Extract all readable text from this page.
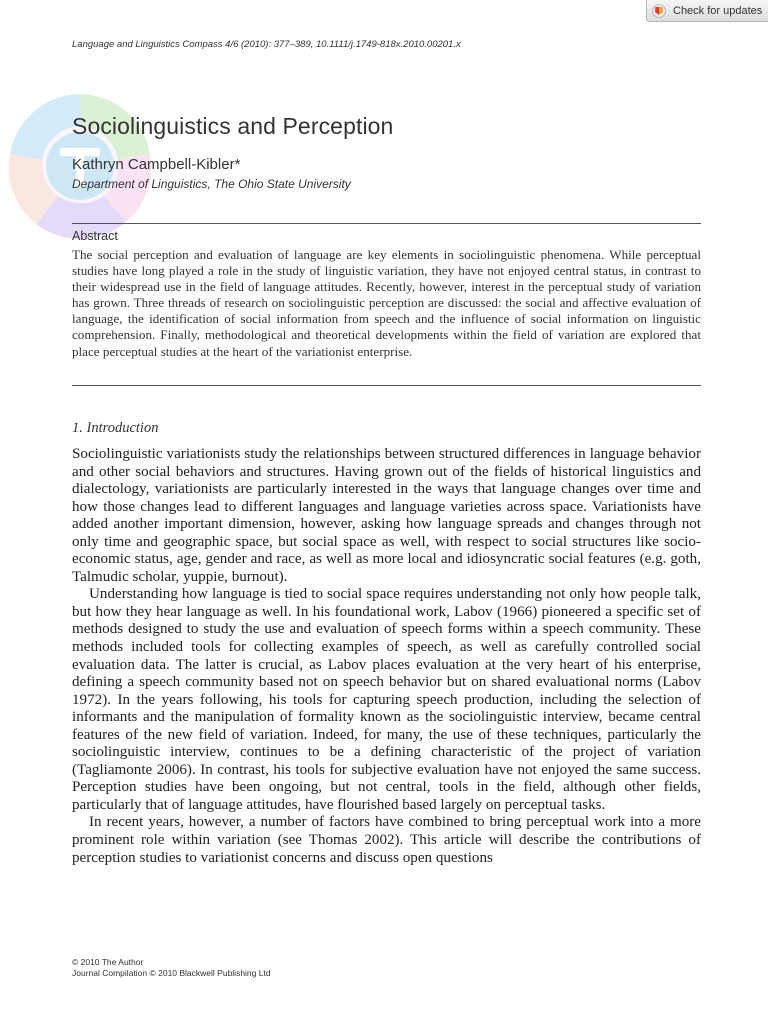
Check for updates
Language and Linguistics Compass 4/6 (2010): 377–389, 10.1111/j.1749-818x.2010.00201.x
Sociolinguistics and Perception
Kathryn Campbell-Kibler*
Department of Linguistics, The Ohio State University
Abstract
The social perception and evaluation of language are key elements in sociolinguistic phenomena. While perceptual studies have long played a role in the study of linguistic variation, they have not enjoyed central status, in contrast to their widespread use in the field of language attitudes. Recently, however, interest in the perceptual study of variation has grown. Three threads of research on sociolinguistic perception are discussed: the social and affective evaluation of language, the identification of social information from speech and the influence of social information on linguistic comprehension. Finally, methodological and theoretical developments within the field of variation are explored that place perceptual studies at the heart of the variationist enterprise.
1. Introduction

Sociolinguistic variationists study the relationships between structured differences in language behavior and other social behaviors and structures. Having grown out of the fields of historical linguistics and dialectology, variationists are particularly interested in the ways that language changes over time and how those changes lead to different languages and language varieties across space. Variationists have added another important dimension, however, asking how language spreads and changes through not only time and geographic space, but social space as well, with respect to social structures like socio-economic status, age, gender and race, as well as more local and idiosyncratic social features (e.g. goth, Talmudic scholar, yuppie, burnout).

Understanding how language is tied to social space requires understanding not only how people talk, but how they hear language as well. In his foundational work, Labov (1966) pioneered a specific set of methods designed to study the use and evaluation of speech forms within a speech community. These methods included tools for collecting examples of speech, as well as carefully controlled social evaluation data. The latter is crucial, as Labov places evaluation at the very heart of his enterprise, defining a speech community based not on speech behavior but on shared evaluational norms (Labov 1972). In the years following, his tools for capturing speech production, including the selection of informants and the manipulation of formality known as the sociolinguistic interview, became central features of the new field of variation. Indeed, for many, the use of these techniques, particularly the sociolinguistic interview, continues to be a defining characteristic of the project of variation (Tagliamonte 2006). In contrast, his tools for subjective evaluation have not enjoyed the same success. Perception studies have been ongoing, but not central, tools in the field, although other fields, particularly that of language attitudes, have flourished based largely on perceptual tasks.

In recent years, however, a number of factors have combined to bring perceptual work into a more prominent role within variation (see Thomas 2002). This article will describe the contributions of perception studies to variationist concerns and discuss open questions

© 2010 The Author
Journal Compilation © 2010 Blackwell Publishing Ltd
